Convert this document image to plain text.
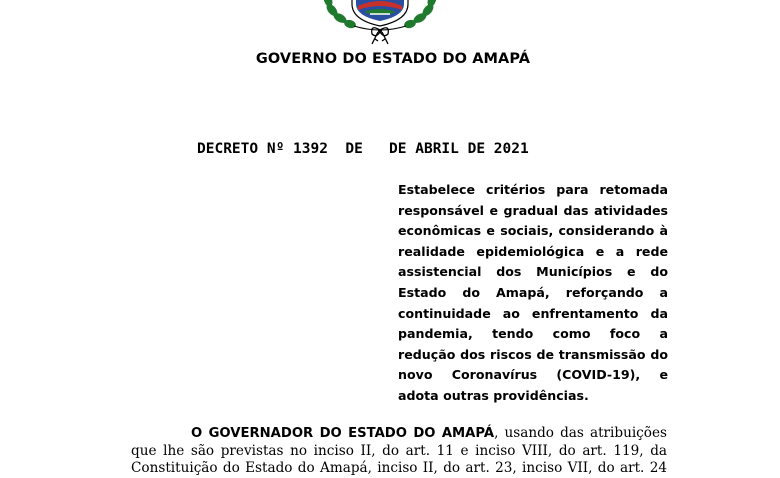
GOVERNO DO ESTADO DO AMAPÁ
DECRETO Nº 1392  DE   DE ABRIL DE 2021
Estabelece critérios para retomada
responsável e gradual das atividades
econômicas e sociais, considerando à
realidade epidemiológica e a rede
assistencial dos Municípios e do
Estado do Amapá, reforçando a
continuidade ao enfrentamento da
pandemia, tendo como foco a
redução dos riscos de transmissão do
novo Coronavírus (COVID-19), e
adota outras providências.
O GOVERNADOR DO ESTADO DO AMAPÁ, usando das atribuições
que lhe são previstas no inciso II, do art. 11 e inciso VIII, do art. 119, da
Constituição do Estado do Amapá, inciso II, do art. 23, inciso VII, do art. 24
